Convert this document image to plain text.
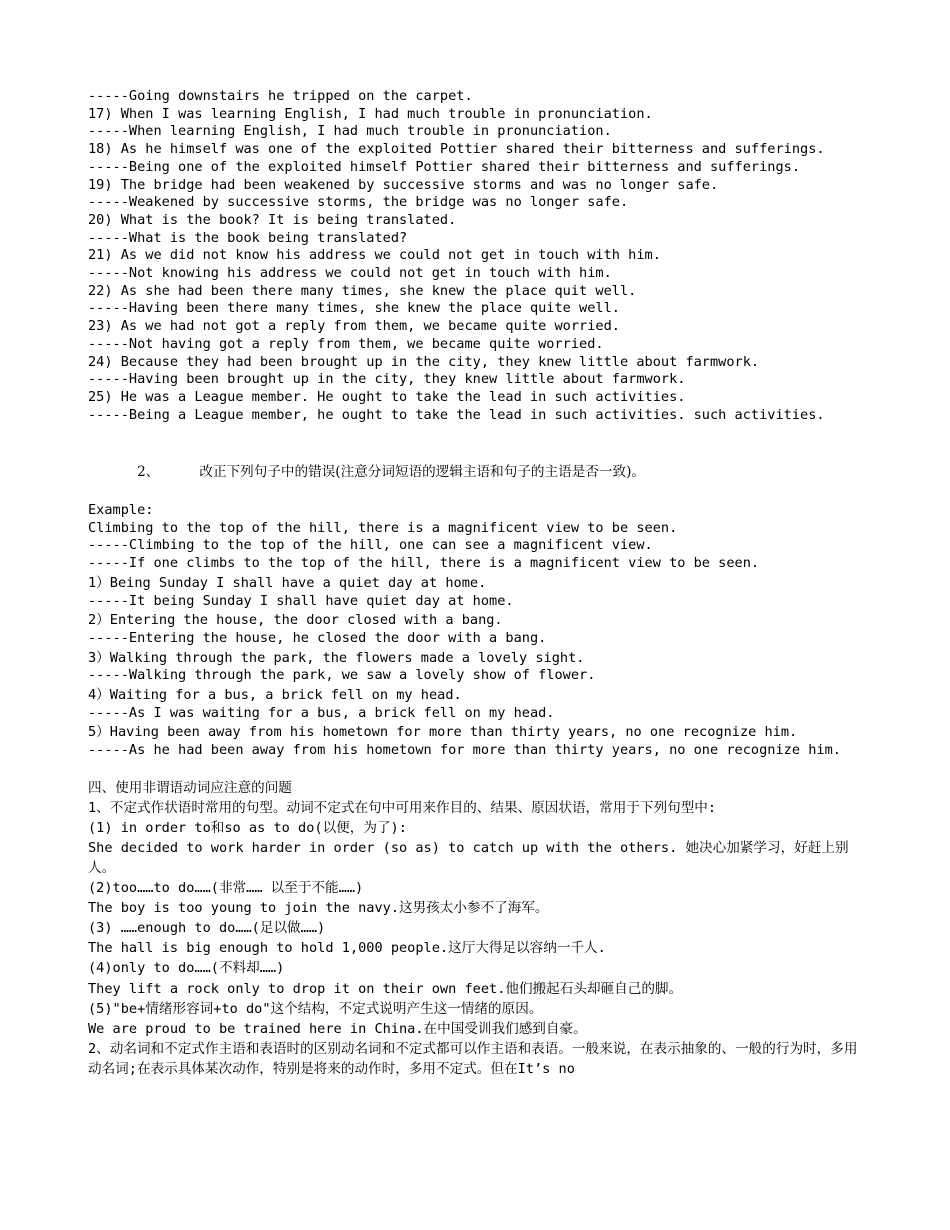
-----Going downstairs he tripped on the carpet.
17) When I was learning English, I had much trouble in pronunciation.
-----When learning English, I had much trouble in pronunciation.
18) As he himself was one of the exploited Pottier shared their bitterness and sufferings.
-----Being one of the exploited himself Pottier shared their bitterness and sufferings.
19) The bridge had been weakened by successive storms and was no longer safe.
-----Weakened by successive storms, the bridge was no longer safe.
20) What is the book? It is being translated.
-----What is the book being translated?
21) As we did not know his address we could not get in touch with him.
-----Not knowing his address we could not get in touch with him.
22) As she had been there many times, she knew the place quit well.
-----Having been there many times, she knew the place quite well.
23) As we had not got a reply from them, we became quite worried.
-----Not having got a reply from them, we became quite worried.
24) Because they had been brought up in the city, they knew little about farmwork.
-----Having been brought up in the city, they knew little about farmwork.
25) He was a League member. He ought to take the lead in such activities.
-----Being a League member, he ought to take the lead in such activities. such activities.

2、	改正下列句子中的错误(注意分词短语的逻辑主语和句子的主语是否一致)。

Example:
Climbing to the top of the hill, there is a magnificent view to be seen.
-----Climbing to the top of the hill, one can see a magnificent view.
-----If one climbs to the top of the hill, there is a magnificent view to be seen.
1）Being Sunday I shall have a quiet day at home.
-----It being Sunday I shall have quiet day at home.
2）Entering the house, the door closed with a bang.
-----Entering the house, he closed the door with a bang.
3）Walking through the park, the flowers made a lovely sight.
-----Walking through the park, we saw a lovely show of flower.
4）Waiting for a bus, a brick fell on my head.
-----As I was waiting for a bus, a brick fell on my head.
5）Having been away from his hometown for more than thirty years, no one recognize him.
-----As he had been away from his hometown for more than thirty years, no one recognize him.
四、使用非谓语动词应注意的问题
1、不定式作状语时常用的句型。动词不定式在句中可用来作目的、结果、原因状语，常用于下列句型中:
(1) in order to和so as to do(以便，为了):
She decided to work harder in order (so as) to catch up with the others. 她决心加紧学习，好赶上别人。
(2)too……to do……(非常…… 以至于不能……)
The boy is too young to join the navy.这男孩太小参不了海军。
(3) ……enough to do……(足以做……)
The hall is big enough to hold 1,000 people.这厅大得足以容纳一千人.
(4)only to do……(不料却……)
They lift a rock only to drop it on their own feet.他们搬起石头却砸自己的脚。
(5)"be+情绪形容词+to do"这个结构，不定式说明产生这一情绪的原因。
We are proud to be trained here in China.在中国受训我们感到自豪。
2、动名词和不定式作主语和表语时的区别动名词和不定式都可以作主语和表语。一般来说，在表示抽象的、一般的行为时，多用动名词;在表示具体某次动作，特别是将来的动作时，多用不定式。但在It’s no
